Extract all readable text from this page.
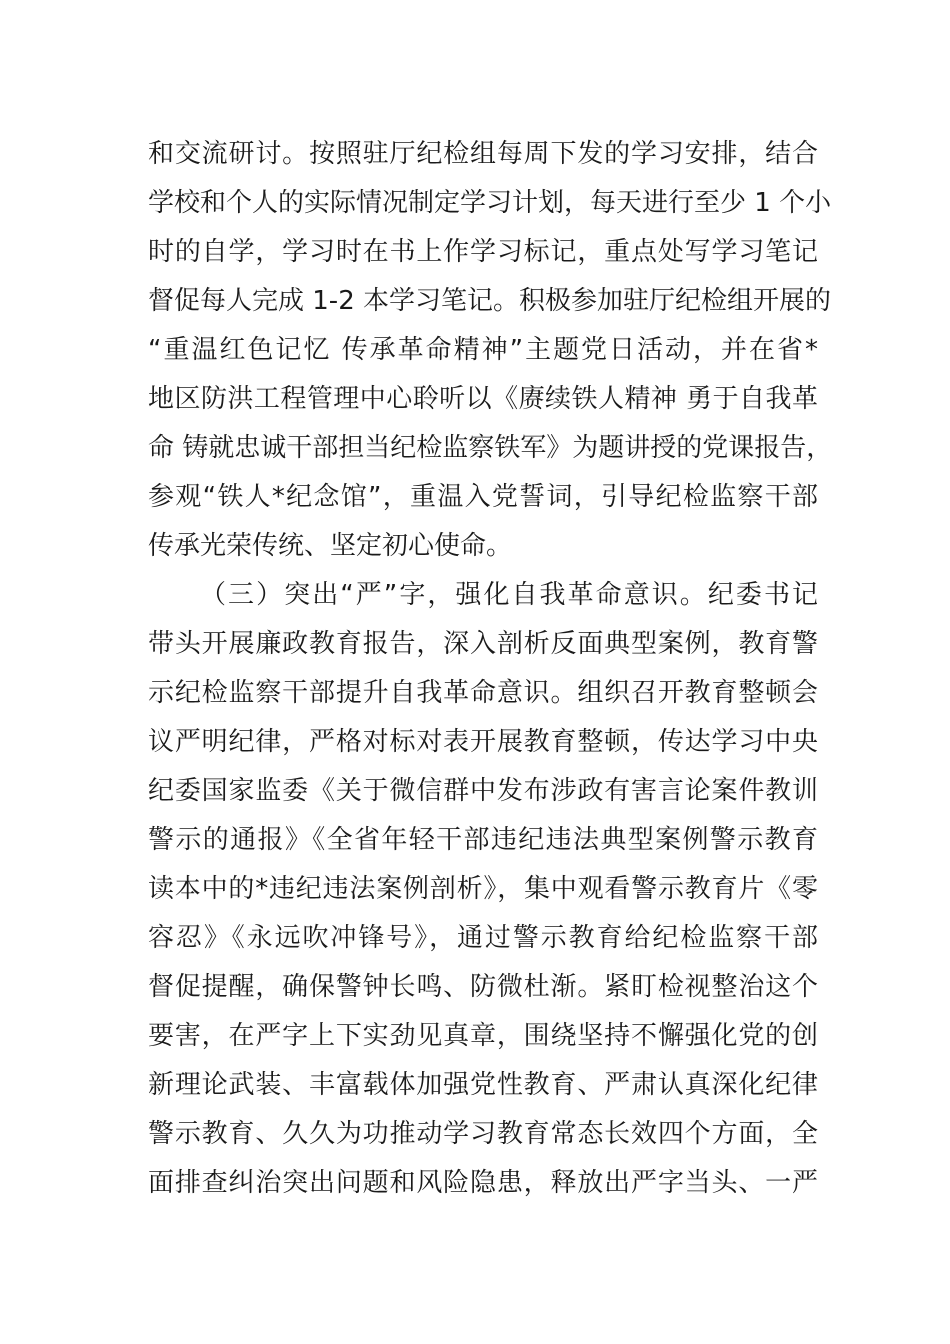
和交流研讨。按照驻厅纪检组每周下发的学习安排，结合
学校和个人的实际情况制定学习计划，每天进行至少 1 个小
时的自学，学习时在书上作学习标记，重点处写学习笔记
督促每人完成 1-2 本学习笔记。积极参加驻厅纪检组开展的
“重温红色记忆 传承革命精神”主题党日活动，并在省*
地区防洪工程管理中心聆听以《赓续铁人精神 勇于自我革
命 铸就忠诚干部担当纪检监察铁军》为题讲授的党课报告，
参观“铁人*纪念馆”，重温入党誓词，引导纪检监察干部
传承光荣传统、坚定初心使命。
（三）突出“严”字，强化自我革命意识。纪委书记
带头开展廉政教育报告，深入剖析反面典型案例，教育警
示纪检监察干部提升自我革命意识。组织召开教育整顿会
议严明纪律，严格对标对表开展教育整顿，传达学习中央
纪委国家监委《关于微信群中发布涉政有害言论案件教训
警示的通报》《全省年轻干部违纪违法典型案例警示教育
读本中的*违纪违法案例剖析》，集中观看警示教育片《零
容忍》《永远吹冲锋号》，通过警示教育给纪检监察干部
督促提醒，确保警钟长鸣、防微杜渐。紧盯检视整治这个
要害，在严字上下实劲见真章，围绕坚持不懈强化党的创
新理论武装、丰富载体加强党性教育、严肃认真深化纪律
警示教育、久久为功推动学习教育常态长效四个方面，全
面排查纠治突出问题和风险隐患，释放出严字当头、一严
